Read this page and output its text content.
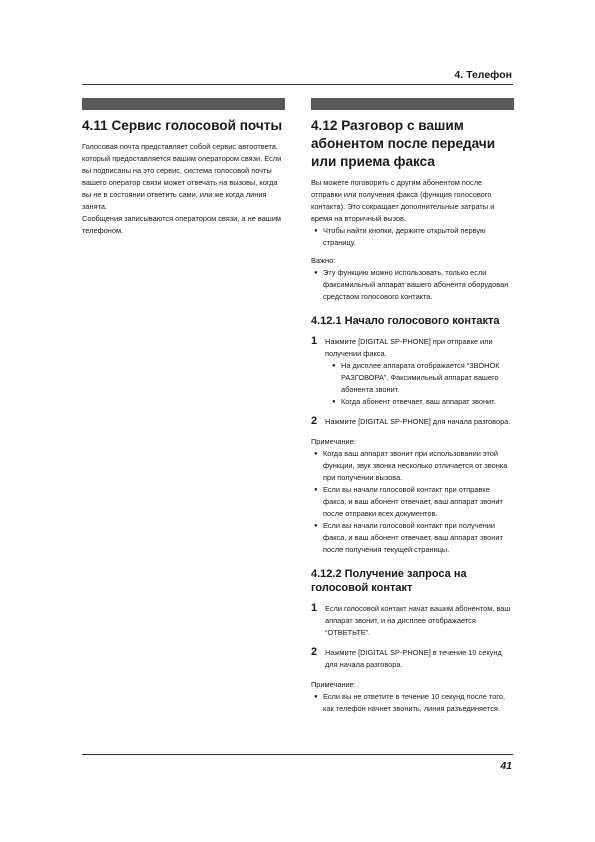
4. Телефон
4.11 Сервис голосовой почты

Голосовая почта представляет собой сервис автоответа, который предоставляется вашим оператором связи. Если вы подписаны на это сервис, система голосовой почты вашего оператор связи может отвечать на вызовы, когда вы не в состоянии ответить сами, или же когда линия занята.

Сообщения записываются оператором связи, а не вашим телефоном.

4.12 Разговор с вашим абонентом после передачи или приема факса

Вы можете поговорить с другим абонентом после отправки или получения факса (функция голосового контакта). Это сокращает дополнительные затраты и время на вторичный вызов.

● Чтобы найти кнопки, держите открытой первую страницу.

Важно:

● Эту функцию можно использовать, только если факсимильный аппарат вашего абонента оборудован средством голосового контакта.
4.12.1 Начало голосового контакта
1 Нажмите [DIGITAL SP-PHONE] при отправке или получении факса.

● На дисплее аппарата отображается “ЗВОНОК РАЗГОВОРА”. Факсимильный аппарат вашего абонента звонит.
● Когда абонент отвечает, ваш аппарат звонит.
2 Нажмите [DIGITAL SP-PHONE] для начала разговора.

Примечание:

● Когда ваш аппарат звонит при использовании этой функции, звук звонка несколько отличается от звонка при получении вызова.
● Если вы начали голосовой контакт при отправке факса, и ваш абонент отвечает, ваш аппарат звонит после отправки всех документов.
● Если вы начали голосовой контакт при получении факса, и ваш абонент отвечает, ваш аппарат звонит после получения текущей страницы.
4.12.2 Получение запроса на голосовой контакт
1 Если голосовой контакт начат вашим абонентом, ваш аппарат звонит, и на дисплее отображается “ОТВЕТЬТЕ”.

2 Нажмите [DIGITAL SP-PHONE] в течение 10 секунд для начала разговора.

Примечание:

● Если вы не ответите в течение 10 секунд после того, как телефон начнет звонить, линия разъединяется.
41
